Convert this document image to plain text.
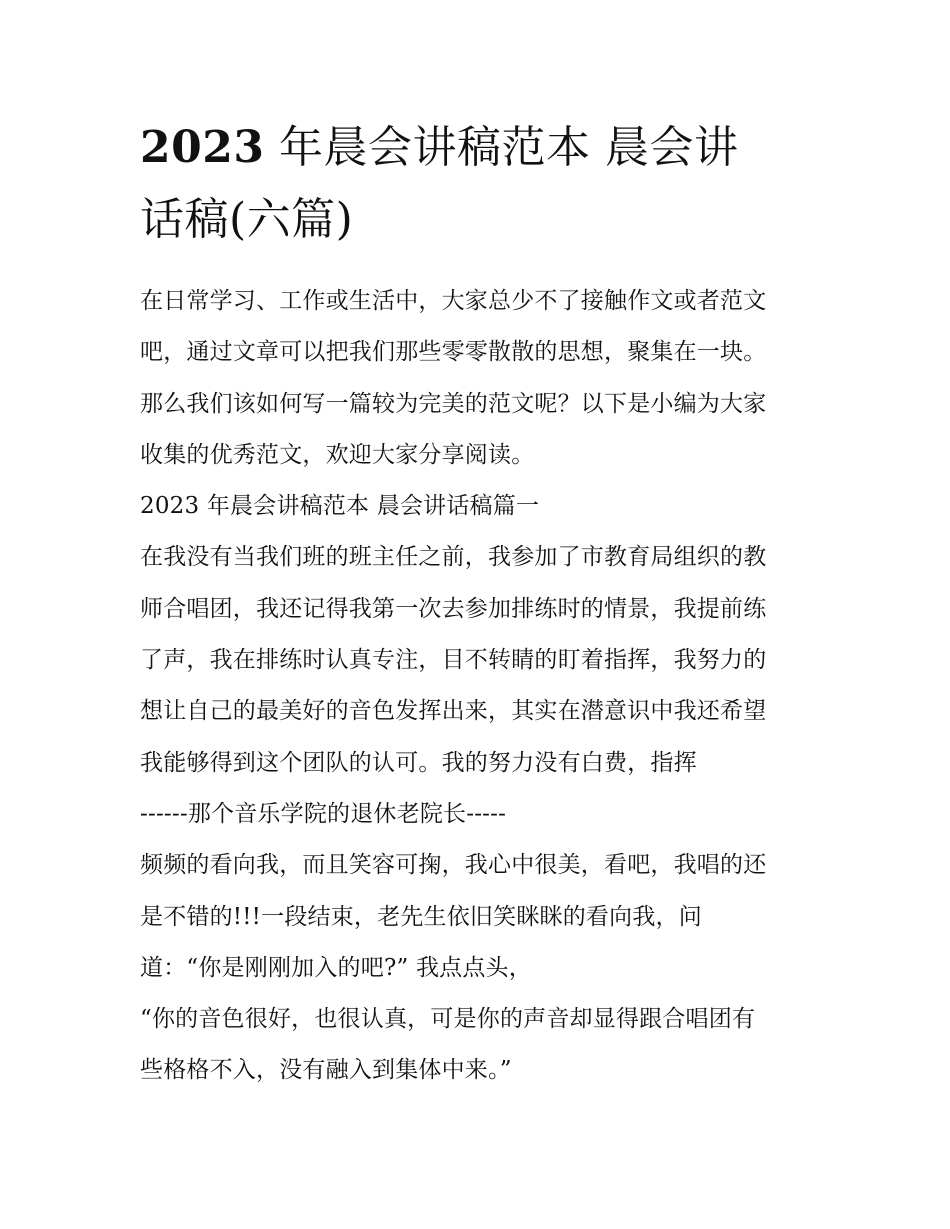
2023 年晨会讲稿范本 晨会讲
话稿(六篇)
在日常学习、工作或生活中，大家总少不了接触作文或者范文
吧，通过文章可以把我们那些零零散散的思想，聚集在一块。
那么我们该如何写一篇较为完美的范文呢？以下是小编为大家
收集的优秀范文，欢迎大家分享阅读。
2023 年晨会讲稿范本 晨会讲话稿篇一
在我没有当我们班的班主任之前，我参加了市教育局组织的教
师合唱团，我还记得我第一次去参加排练时的情景，我提前练
了声，我在排练时认真专注，目不转睛的盯着指挥，我努力的
想让自己的最美好的音色发挥出来，其实在潜意识中我还希望
我能够得到这个团队的认可。我的努力没有白费，指挥
------那个音乐学院的退休老院长-----
频频的看向我，而且笑容可掬，我心中很美，看吧，我唱的还
是不错的!!!一段结束，老先生依旧笑眯眯的看向我，问
道：“你是刚刚加入的吧?” 我点点头，
“你的音色很好，也很认真，可是你的声音却显得跟合唱团有
些格格不入，没有融入到集体中来。”
